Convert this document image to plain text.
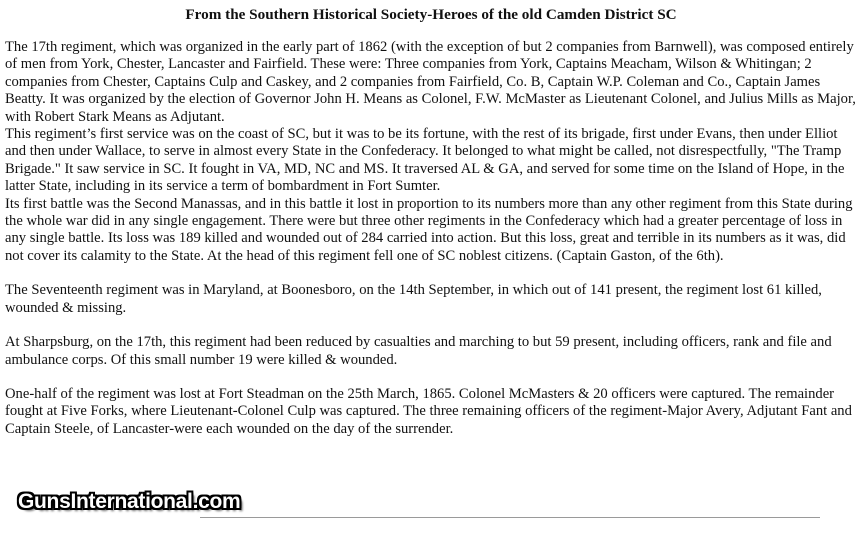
From the Southern Historical Society-Heroes of the old Camden District SC

The 17th regiment, which was organized in the early part of 1862 (with the exception of but 2 companies from Barnwell), was composed entirely of men from York, Chester, Lancaster and Fairfield. These were: Three companies from York, Captains Meacham, Wilson & Whitingan; 2 companies from Chester, Captains Culp and Caskey, and 2 companies from Fairfield, Co. B, Captain W.P. Coleman and Co., Captain James Beatty. It was organized by the election of Governor John H. Means as Colonel, F.W. McMaster as Lieutenant Colonel, and Julius Mills as Major, with Robert Stark Means as Adjutant.

This regiment’s first service was on the coast of SC, but it was to be its fortune, with the rest of its brigade, first under Evans, then under Elliot and then under Wallace, to serve in almost every State in the Confederacy. It belonged to what might be called, not disrespectfully, "The Tramp Brigade." It saw service in SC. It fought in VA, MD, NC and MS. It traversed AL & GA, and served for some time on the Island of Hope, in the latter State, including in its service a term of bombardment in Fort Sumter.

Its first battle was the Second Manassas, and in this battle it lost in proportion to its numbers more than any other regiment from this State during the whole war did in any single engagement. There were but three other regiments in the Confederacy which had a greater percentage of loss in any single battle. Its loss was 189 killed and wounded out of 284 carried into action. But this loss, great and terrible in its numbers as it was, did not cover its calamity to the State. At the head of this regiment fell one of SC noblest citizens. (Captain Gaston, of the 6th).

The Seventeenth regiment was in Maryland, at Boonesboro, on the 14th September, in which out of 141 present, the regiment lost 61 killed, wounded & missing.

At Sharpsburg, on the 17th, this regiment had been reduced by casualties and marching to but 59 present, including officers, rank and file and ambulance corps. Of this small number 19 were killed & wounded.

One-half of the regiment was lost at Fort Steadman on the 25th March, 1865. Colonel McMasters & 20 officers were captured. The remainder fought at Five Forks, where Lieutenant-Colonel Culp was captured. The three remaining officers of the regiment-Major Avery, Adjutant Fant and Captain Steele, of Lancaster-were each wounded on the day of the surrender.

GunsInternational.com
